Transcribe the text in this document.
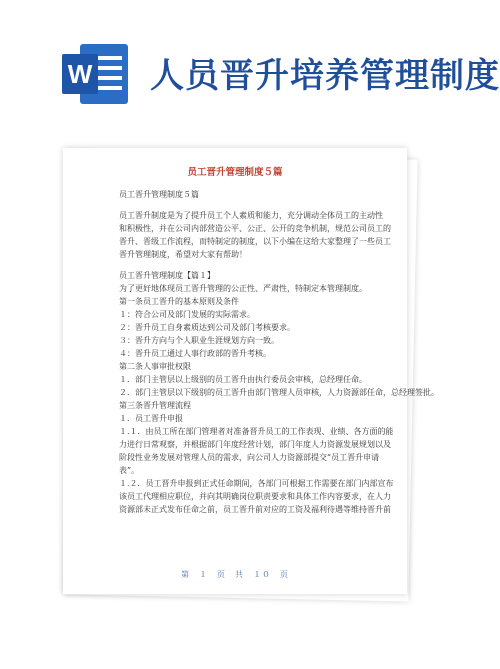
W 人员晋升培养管理制度
员工晋升管理制度５篇

员工晋升管理制度５篇

员工晋升制度是为了提升员工个人素质和能力，充分调动全体员工的主动性

和积极性，并在公司内部营造公平、公正、公开的竞争机制，规范公司员工的

晋升、晋级工作流程，而特制定的制度，以下小编在这给大家整理了一些员工

晋升管理制度，希望对大家有帮助！

员工晋升管理制度【篇１】

为了更好地体现员工晋升管理的公正性、严肃性，特制定本管理制度。

第一条员工晋升的基本原则及条件

１：符合公司及部门发展的实际需求。

２：晋升员工自身素质达到公司及部门考核要求。

３：晋升方向与个人职业生涯规划方向一致。

４：晋升员工通过人事行政部的晋升考核。

第二条人事审批权限

１．部门主管层以上级别的员工晋升由执行委员会审核，总经理任命。

２．部门主管层以下级别的员工晋升由部门管理人员审核，人力资源部任命，总经理签批。

第三条晋升管理流程

１．员工晋升申报

１.１．由员工所在部门管理者对准备晋升员工的工作表现、业绩、各方面的能

力进行日常观察，并根据部门年度经营计划，部门年度人力资源发展规划以及

阶段性业务发展对管理人员的需求，向公司人力资源部提交“员工晋升申请

表”。

１.２．员工晋升申报到正式任命期间，各部门可根据工作需要在部门内部宣布

该员工代理相应职位，并向其明确岗位职责要求和具体工作内容要求，在人力

资源部未正式发布任命之前，员工晋升前对应的工资及福利待遇等维持晋升前

第　１　页　共　１０　页
